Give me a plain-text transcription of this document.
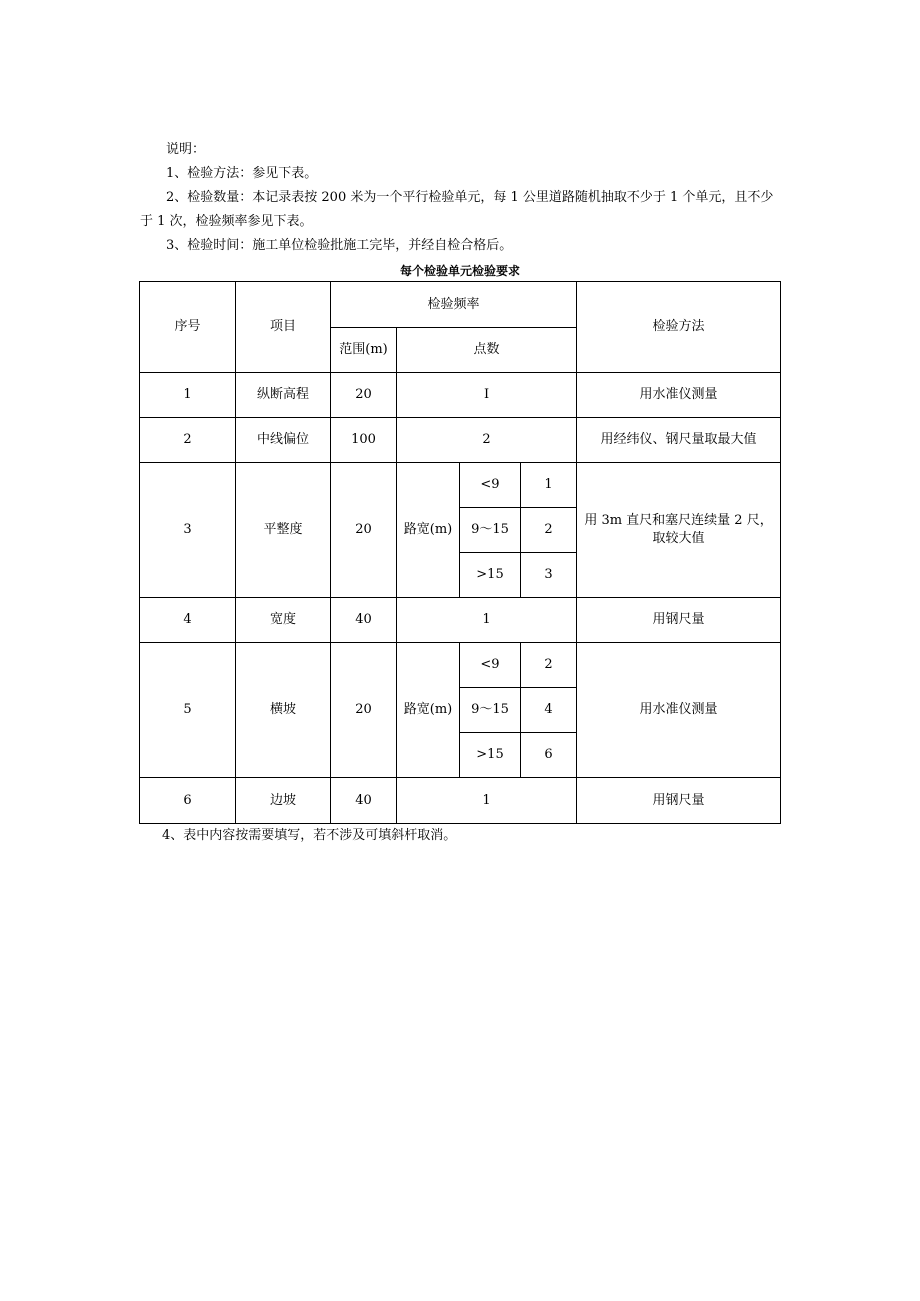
说明：

1、检验方法：参见下表。

2、检验数量：本记录表按 200 米为一个平行检验单元，每 1 公里道路随机抽取不少于 1 个单元，且不少于 1 次，检验频率参见下表。

3、检验时间：施工单位检验批施工完毕，并经自检合格后。

每个检验单元检验要求
序号	项目	检验频率				检验方法
		范围(m)	点数			
1	纵断高程	20	I			用水准仪测量
2	中线偏位	100	2			用经纬仪、钢尺量取最大值
3	平整度	20	路宽(m)	<9	1	用 3m 直尺和塞尺连续量 2 尺，取较大值
				9～15	2	
				>15	3	
4	宽度	40	1			用钢尺量
5	横坡	20	路宽(m)	<9	2	用水准仪测量
				9～15	4	
				>15	6	
6	边坡	40	1			用钢尺量
4、表中内容按需要填写，若不涉及可填斜杆取消。
